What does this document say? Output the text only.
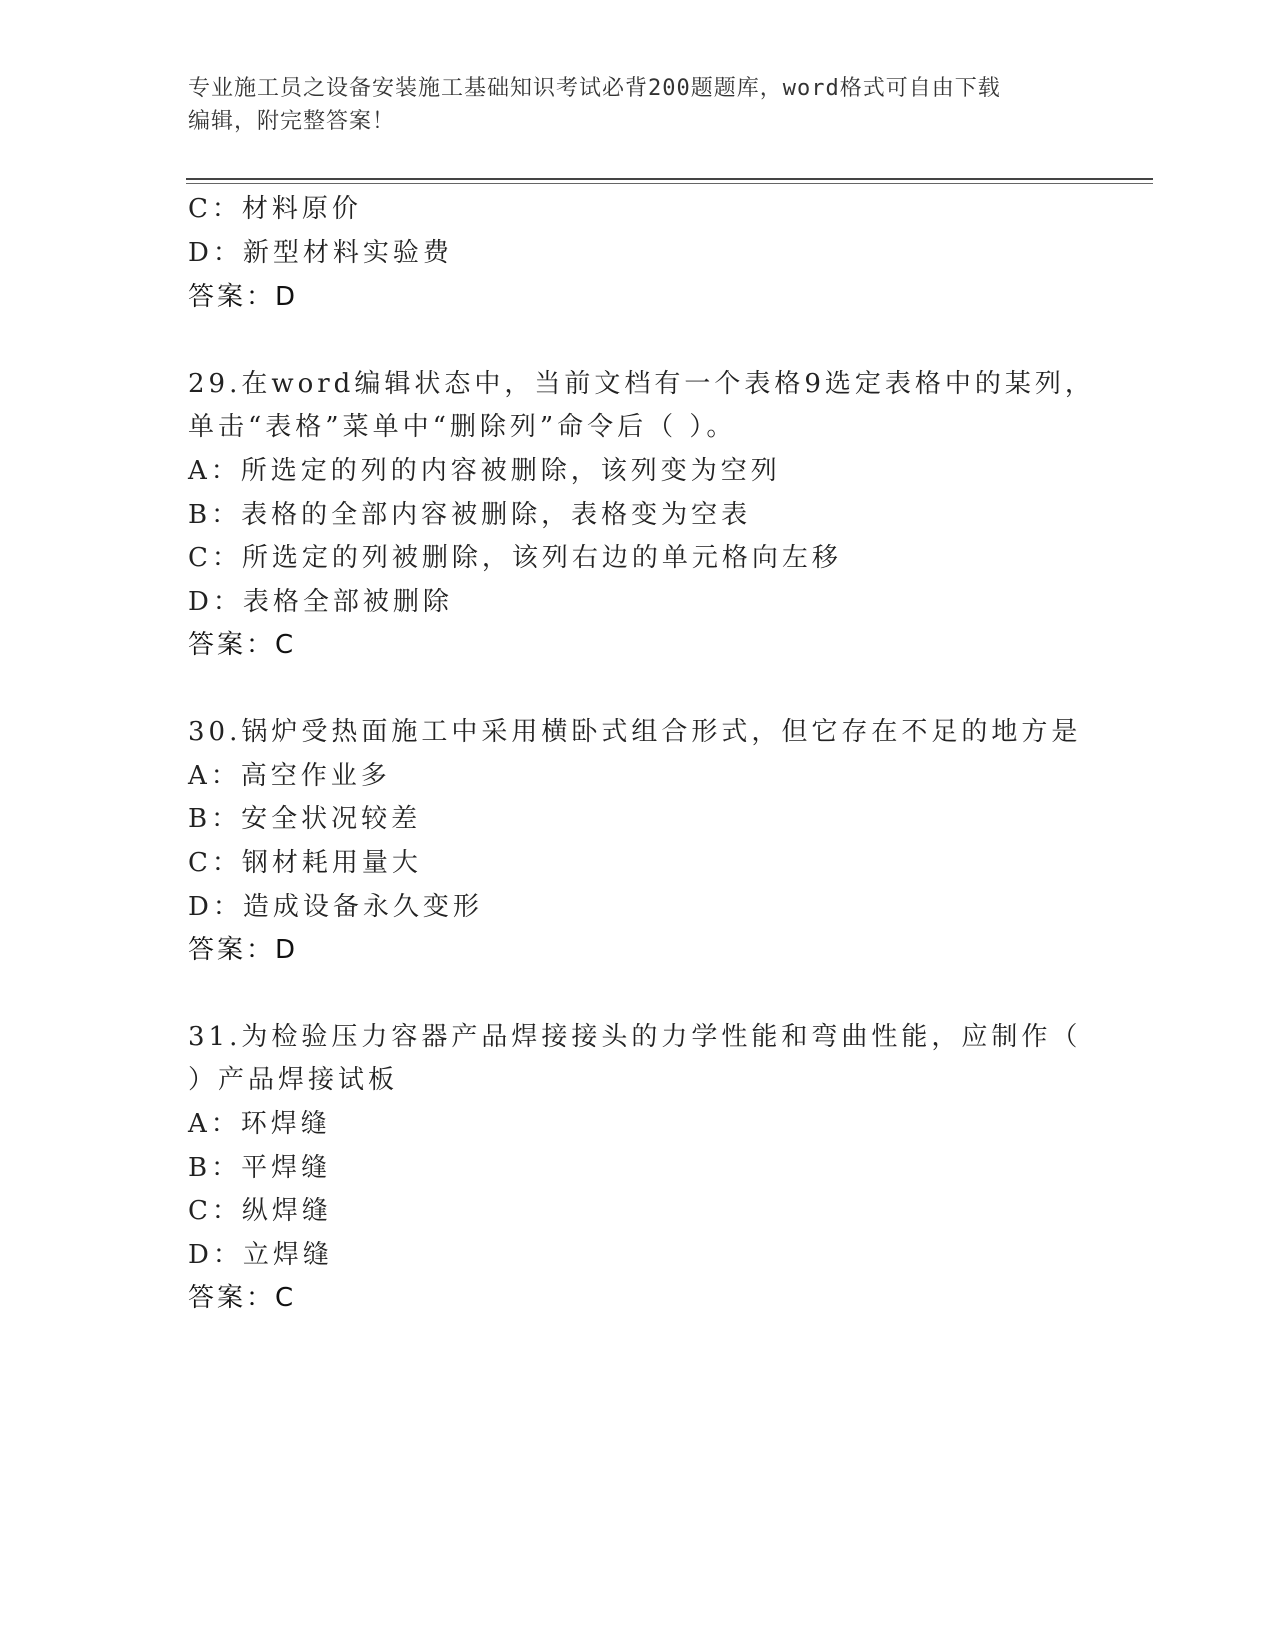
专业施工员之设备安装施工基础知识考试必背200题题库，word格式可自由下载
编辑，附完整答案！
C：材料原价
D：新型材料实验费
答案：D
29.在word编辑状态中，当前文档有一个表格9选定表格中的某列，
单击“表格”菜单中“删除列”命令后（ ）。
A：所选定的列的内容被删除，该列变为空列
B：表格的全部内容被删除，表格变为空表
C：所选定的列被删除，该列右边的单元格向左移
D：表格全部被删除
答案：C
30.锅炉受热面施工中采用横卧式组合形式，但它存在不足的地方是
A：高空作业多
B：安全状况较差
C：钢材耗用量大
D：造成设备永久变形
答案：D
31.为检验压力容器产品焊接接头的力学性能和弯曲性能，应制作（
）产品焊接试板
A：环焊缝
B：平焊缝
C：纵焊缝
D：立焊缝
答案：C
